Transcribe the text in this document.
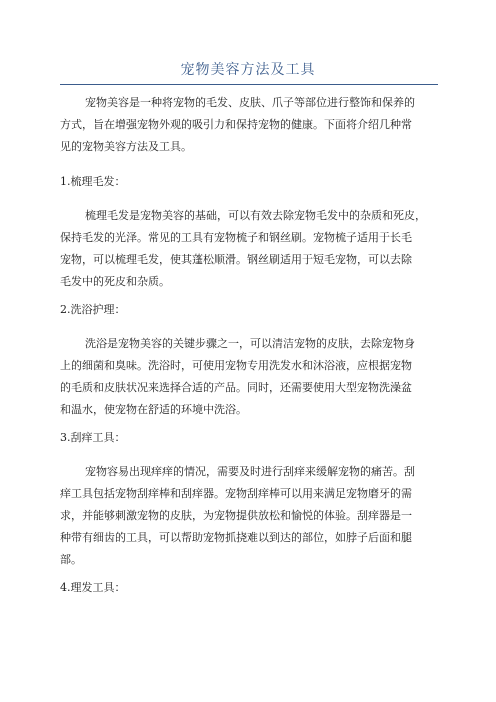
宠物美容方法及工具
宠物美容是一种将宠物的毛发、皮肤、爪子等部位进行整饰和保养的
方式，旨在增强宠物外观的吸引力和保持宠物的健康。下面将介绍几种常
见的宠物美容方法及工具。
1.梳理毛发：
梳理毛发是宠物美容的基础，可以有效去除宠物毛发中的杂质和死皮，
保持毛发的光泽。常见的工具有宠物梳子和钢丝刷。宠物梳子适用于长毛
宠物，可以梳理毛发，使其蓬松顺滑。钢丝刷适用于短毛宠物，可以去除
毛发中的死皮和杂质。
2.洗浴护理：
洗浴是宠物美容的关键步骤之一，可以清洁宠物的皮肤，去除宠物身
上的细菌和臭味。洗浴时，可使用宠物专用洗发水和沐浴液，应根据宠物
的毛质和皮肤状况来选择合适的产品。同时，还需要使用大型宠物洗澡盆
和温水，使宠物在舒适的环境中洗浴。
3.刮痒工具：
宠物容易出现痒痒的情况，需要及时进行刮痒来缓解宠物的痛苦。刮
痒工具包括宠物刮痒棒和刮痒器。宠物刮痒棒可以用来满足宠物磨牙的需
求，并能够刺激宠物的皮肤，为宠物提供放松和愉悦的体验。刮痒器是一
种带有细齿的工具，可以帮助宠物抓挠难以到达的部位，如脖子后面和腿
部。
4.理发工具：
